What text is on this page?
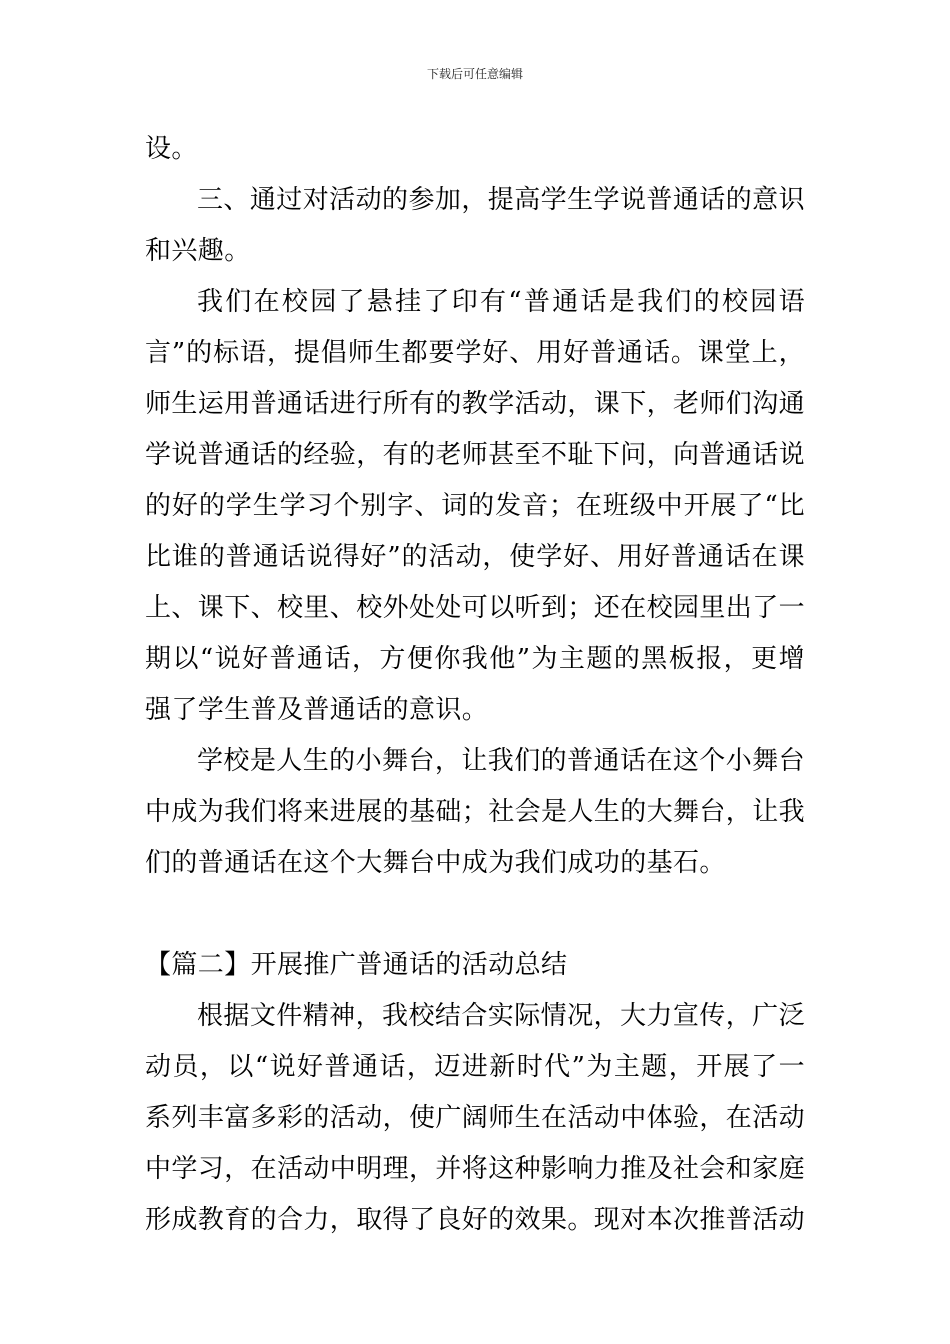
下载后可任意编辑

设。

三、通过对活动的参加，提高学生学说普通话的意识和兴趣。

我们在校园了悬挂了印有“普通话是我们的校园语言”的标语，提倡师生都要学好、用好普通话。课堂上，师生运用普通话进行所有的教学活动，课下，老师们沟通学说普通话的经验，有的老师甚至不耻下问，向普通话说的好的学生学习个别字、词的发音；在班级中开展了“比比谁的普通话说得好”的活动，使学好、用好普通话在课上、课下、校里、校外处处可以听到；还在校园里出了一期以“说好普通话，方便你我他”为主题的黑板报，更增强了学生普及普通话的意识。

学校是人生的小舞台，让我们的普通话在这个小舞台中成为我们将来进展的基础；社会是人生的大舞台，让我们的普通话在这个大舞台中成为我们成功的基石。

【篇二】开展推广普通话的活动总结

根据文件精神，我校结合实际情况，大力宣传，广泛动员，以“说好普通话，迈进新时代”为主题，开展了一系列丰富多彩的活动，使广阔师生在活动中体验，在活动中学习，在活动中明理，并将这种影响力推及社会和家庭形成教育的合力，取得了良好的效果。现对本次推普活动
